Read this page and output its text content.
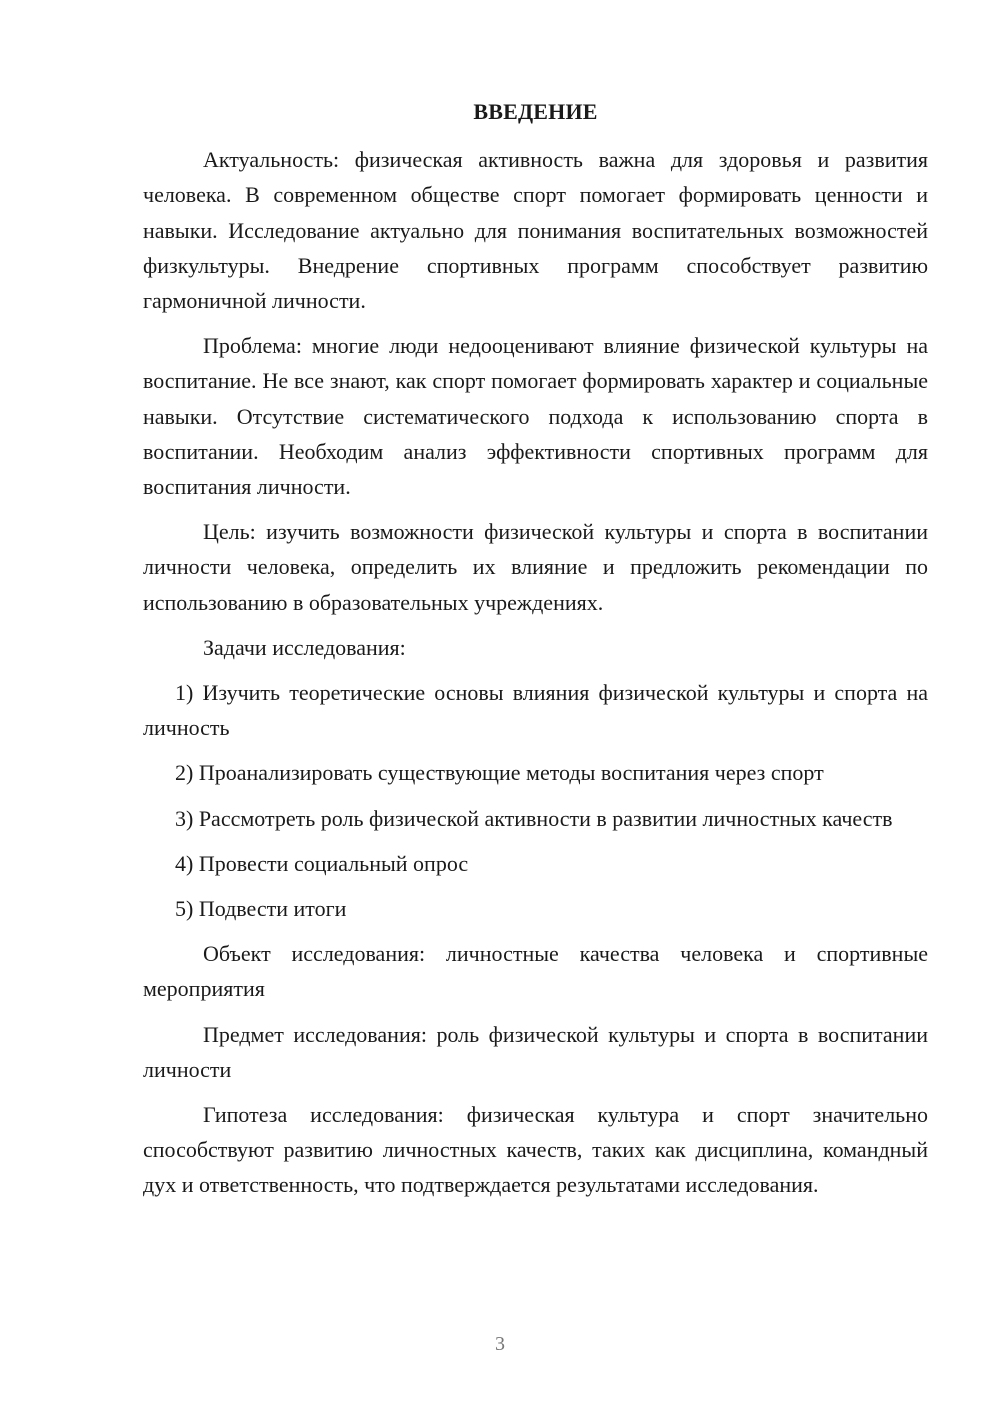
ВВЕДЕНИЕ

Актуальность: физическая активность важна для здоровья и развития человека. В современном обществе спорт помогает формировать ценности и навыки. Исследование актуально для понимания воспитательных возможностей физкультуры. Внедрение спортивных программ способствует развитию гармоничной личности.

Проблема: многие люди недооценивают влияние физической культуры на воспитание. Не все знают, как спорт помогает формировать характер и социальные навыки. Отсутствие систематического подхода к использованию спорта в воспитании. Необходим анализ эффективности спортивных программ для воспитания личности.

Цель: изучить возможности физической культуры и спорта в воспитании личности человека, определить их влияние и предложить рекомендации по использованию в образовательных учреждениях.

Задачи исследования:

1) Изучить теоретические основы влияния физической культуры и спорта на личность

2) Проанализировать существующие методы воспитания через спорт

3) Рассмотреть роль физической активности в развитии личностных качеств

4) Провести социальный опрос

5) Подвести итоги

Объект исследования: личностные качества человека и спортивные мероприятия

Предмет исследования: роль физической культуры и спорта в воспитании личности

Гипотеза исследования: физическая культура и спорт значительно способствуют развитию личностных качеств, таких как дисциплина, командный дух и ответственность, что подтверждается результатами исследования.

3
